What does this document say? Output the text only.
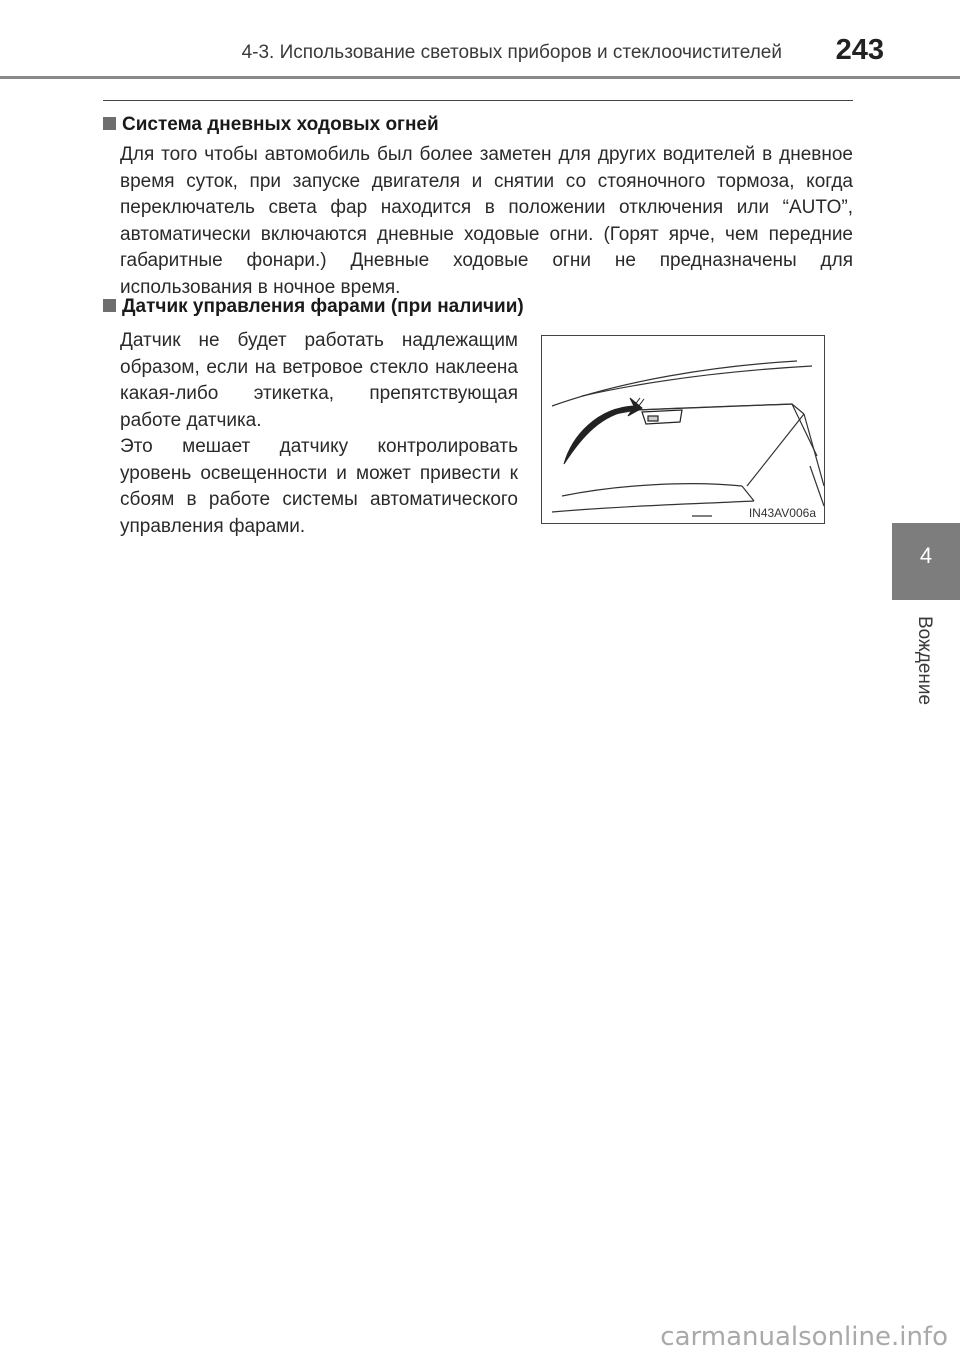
4-3. Использование световых приборов и стеклоочистителей 243
4
Вождение
Система дневных ходовых огней

Для того чтобы автомобиль был более заметен для других водителей в дневное время суток, при запуске двигателя и снятии со стояночного тормоза, когда переключатель света фар находится в положении отключения или “AUTO”, автоматически включаются дневные ходовые огни. (Горят ярче, чем передние габаритные фонари.) Дневные ходовые огни не предназначены для использования в ночное время.

Датчик управления фарами (при наличии)

Датчик не будет работать надлежащим образом, если на ветровое стекло наклеена какая-либо этикетка, препятствующая работе датчика.

Это мешает датчику контролировать уровень освещенности и может привести к сбоям в работе системы автоматического управления фарами.

IN43AV006a
carmanualsonline.info
